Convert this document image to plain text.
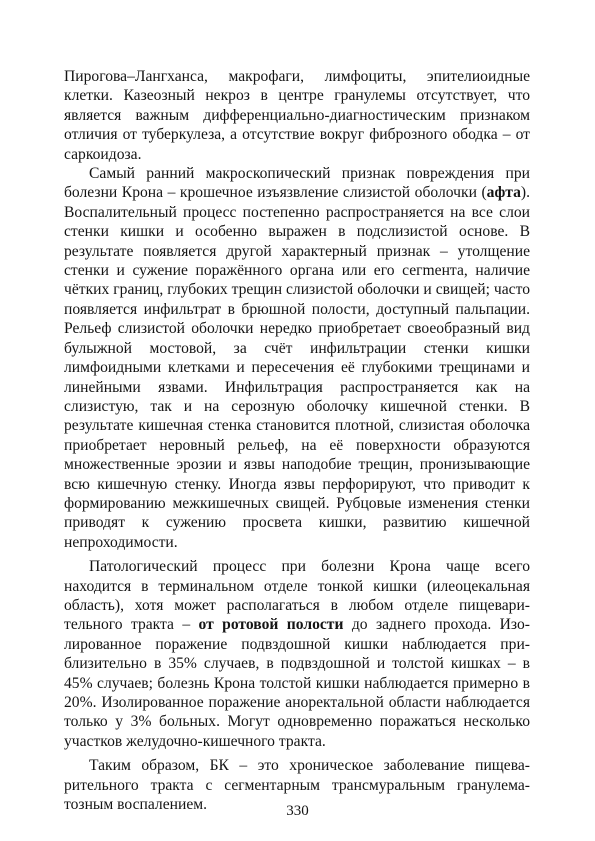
Пирогова–Лангханса, макрофаги, лимфоциты, эпителиоидные клетки. Казеозный некроз в центре гранулемы отсутствует, что является важным дифференциально-диагностическим признаком отличия от туберкулеза, а отсутствие вокруг фиброзного ободка – от саркоидоза.

Самый ранний макроскопический признак повреждения при болезни Крона – крошечное изъязвление слизистой оболочки (афта). Воспалительный процесс постепенно распространяется на все слои стенки кишки и особенно выражен в подслизистой основе. В результате появляется другой характерный признак – утолщение стенки и сужение поражённого органа или его сегmента, наличие чётких границ, глубоких трещин слизистой оболочки и свищей; часто появляется инфильтрат в брюшной полости, доступный пальпации. Рельеф слизистой оболочки нередко приобретает своеобразный вид булыжной мостовой, за счёт инфильтрации стенки кишки лимфоидными клетками и пересечения её глубокими трещинами и линейными язвами. Инфильтрация распространяется как на слизистую, так и на серозную оболочку кишечной стенки. В результате кишечная стенка становится плотной, слизистая оболочка приобретает неровный рельеф, на её поверхности образуются множественные эрозии и язвы наподобие трещин, пронизывающие всю кишечную стенку. Иногда язвы перфорируют, что приводит к формированию межкишечных свищей. Рубцовые изменения стенки приводят к сужению просвета кишки, развитию кишечной непроходимости.

Патологический процесс при болезни Крона чаще всего находится в терминальном отделе тонкой кишки (илеоцекальная область), хотя может располагаться в любом отделе пищеварительного тракта – от ротовой полости до заднего прохода. Изолированное поражение подвздошной кишки наблюдается приблизительно в 35% случаев, в подвздошной и толстой кишках – в 45% случаев; болезнь Крона толстой кишки наблюдается примерно в 20%. Изолированное поражение аноректальной области наблюдается только у 3% больных. Могут одновременно поражаться несколько участков желудочно-кишечного тракта.

Таким образом, БК – это хроническое заболевание пищеварительного тракта с сегментарным трансмуральным гранулематозным воспалением.	330
